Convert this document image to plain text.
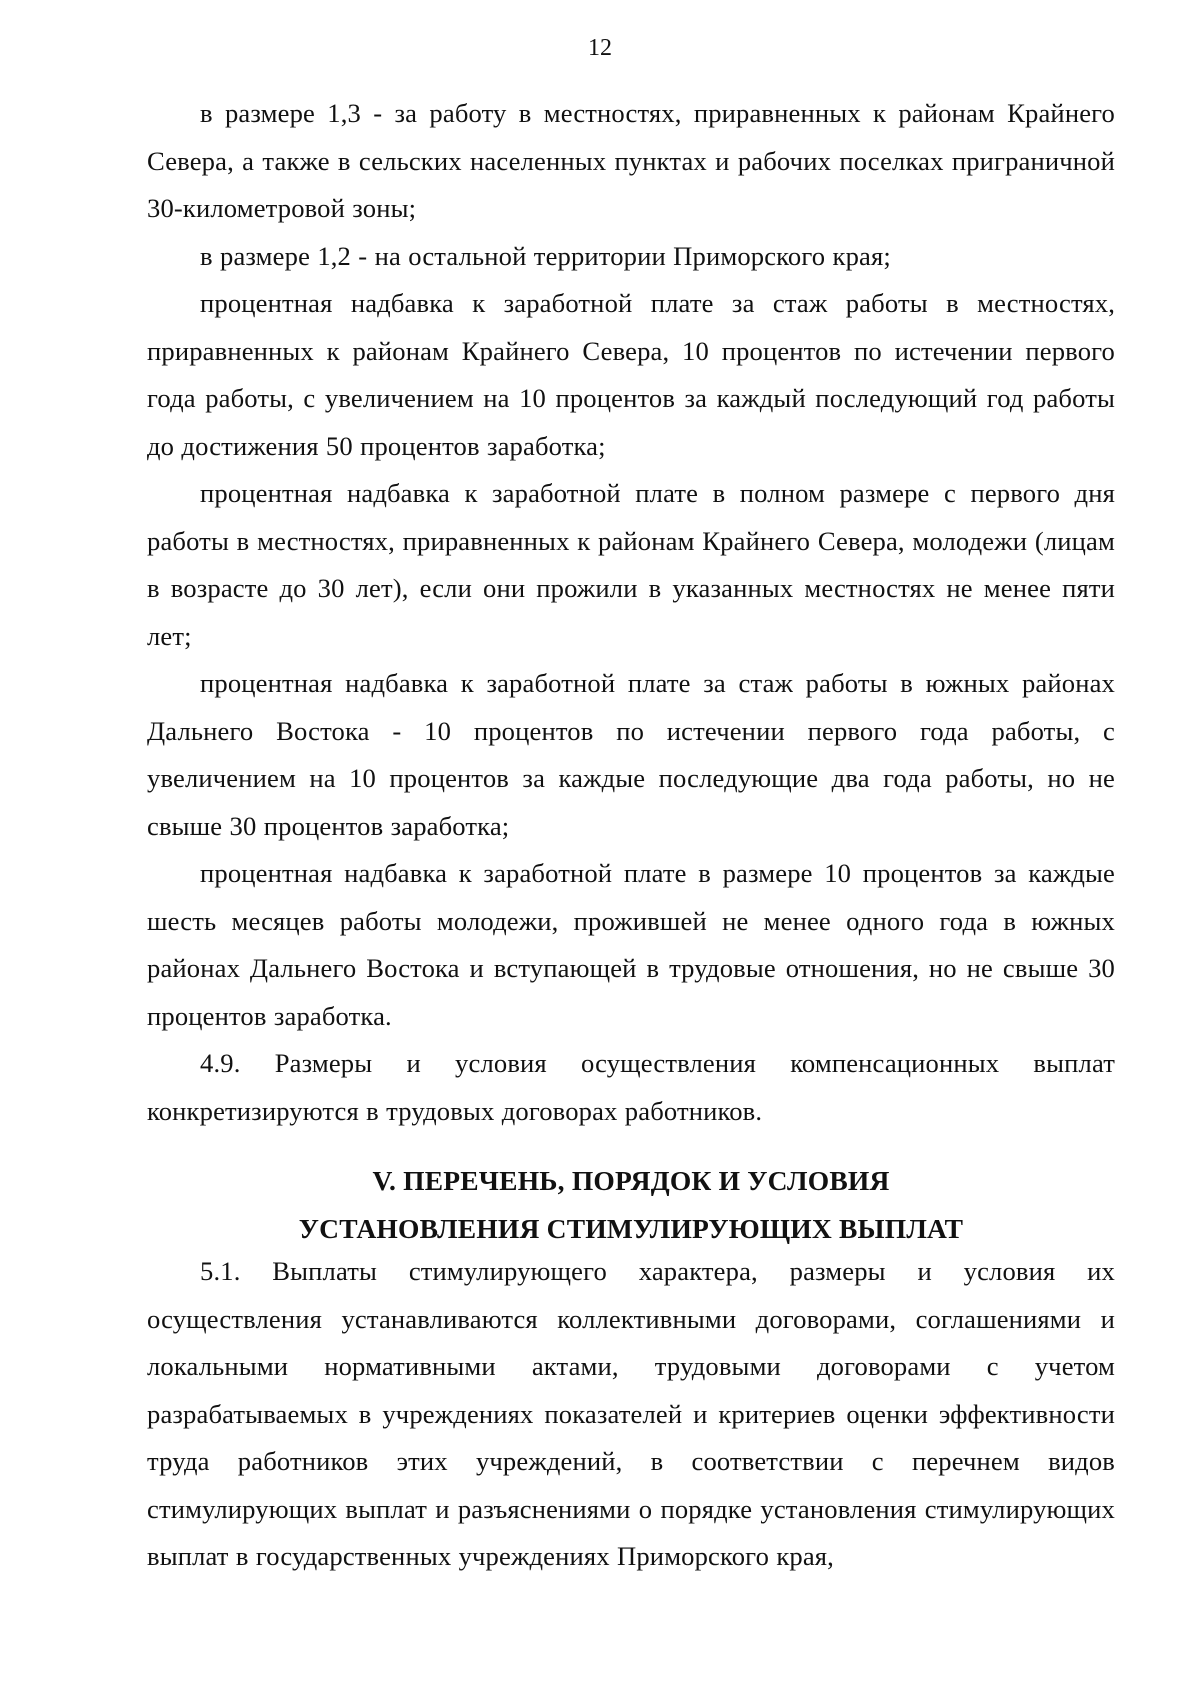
12

в размере 1,3 - за работу в местностях, приравненных к районам Крайнего Севера, а также в сельских населенных пунктах и рабочих поселках приграничной 30-километровой зоны;

в размере 1,2 - на остальной территории Приморского края;

процентная надбавка к заработной плате за стаж работы в местностях, приравненных к районам Крайнего Севера, 10 процентов по истечении первого года работы, с увеличением на 10 процентов за каждый последующий год работы до достижения 50 процентов заработка;

процентная надбавка к заработной плате в полном размере с первого дня работы в местностях, приравненных к районам Крайнего Севера, молодежи (лицам в возрасте до 30 лет), если они прожили в указанных местностях не менее пяти лет;

процентная надбавка к заработной плате за стаж работы в южных районах Дальнего Востока - 10 процентов по истечении первого года работы, с увеличением на 10 процентов за каждые последующие два года работы, но не свыше 30 процентов заработка;

процентная надбавка к заработной плате в размере 10 процентов за каждые шесть месяцев работы молодежи, прожившей не менее одного года в южных районах Дальнего Востока и вступающей в трудовые отношения, но не свыше 30 процентов заработка.

4.9. Размеры и условия осуществления компенсационных выплат конкретизируются в трудовых договорах работников.

V. ПЕРЕЧЕНЬ, ПОРЯДОК И УСЛОВИЯ
УСТАНОВЛЕНИЯ СТИМУЛИРУЮЩИХ ВЫПЛАТ

5.1. Выплаты стимулирующего характера, размеры и условия их осуществления устанавливаются коллективными договорами, соглашениями и локальными нормативными актами, трудовыми договорами с учетом разрабатываемых в учреждениях показателей и критериев оценки эффективности труда работников этих учреждений, в соответствии с перечнем видов стимулирующих выплат и разъяснениями о порядке установления стимулирующих выплат в государственных учреждениях Приморского края,
